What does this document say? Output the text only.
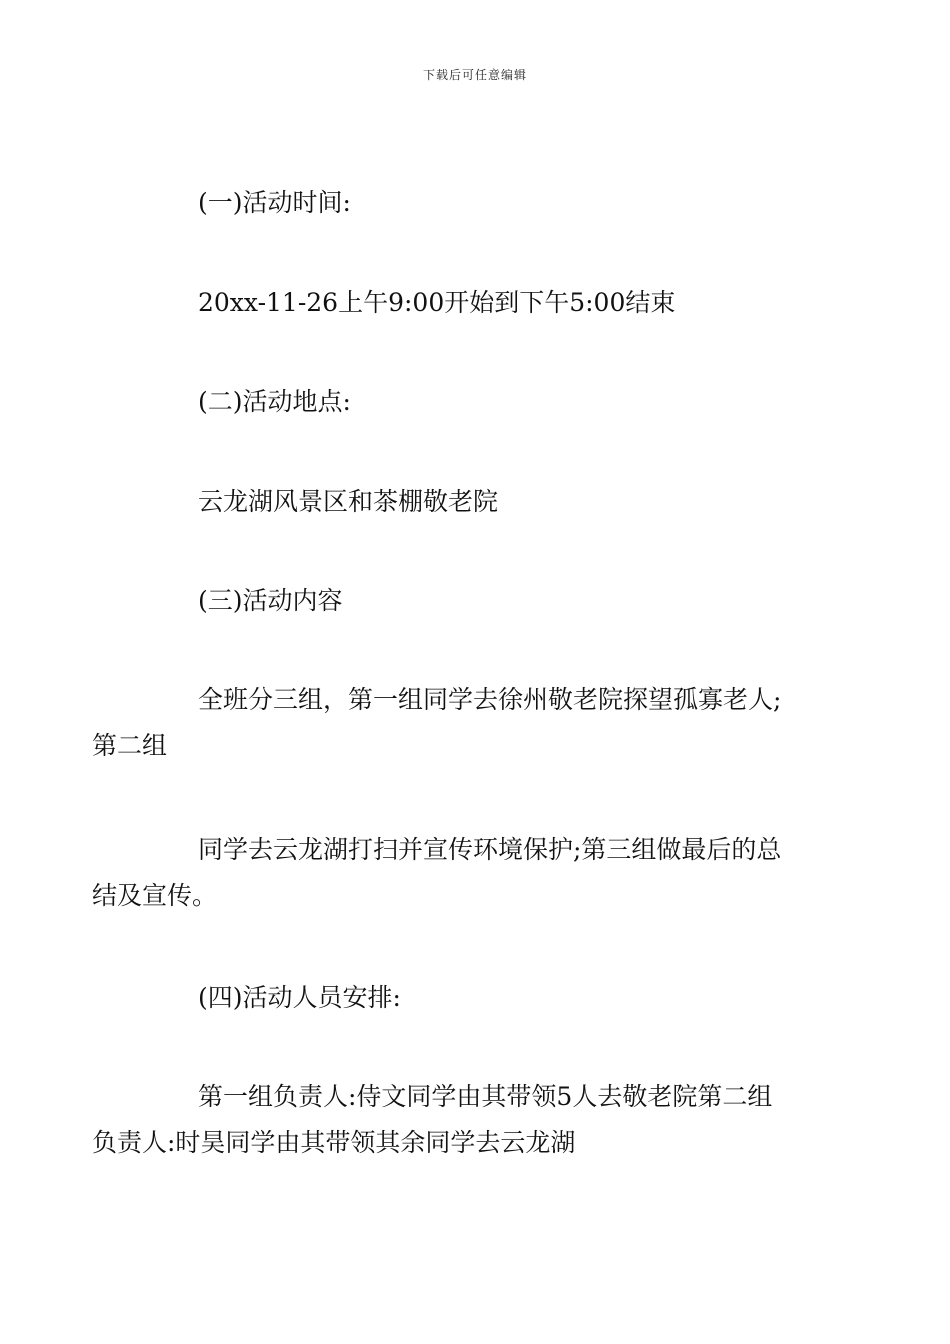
下载后可任意编辑

(一)活动时间:

20xx-11-26上午9:00开始到下午5:00结束

(二)活动地点:

云龙湖风景区和茶棚敬老院

(三)活动内容

全班分三组，第一组同学去徐州敬老院探望孤寡老人;
第二组

同学去云龙湖打扫并宣传环境保护;第三组做最后的总
结及宣传。

(四)活动人员安排:

第一组负责人:侍文同学由其带领5人去敬老院第二组
负责人:时昊同学由其带领其余同学去云龙湖
